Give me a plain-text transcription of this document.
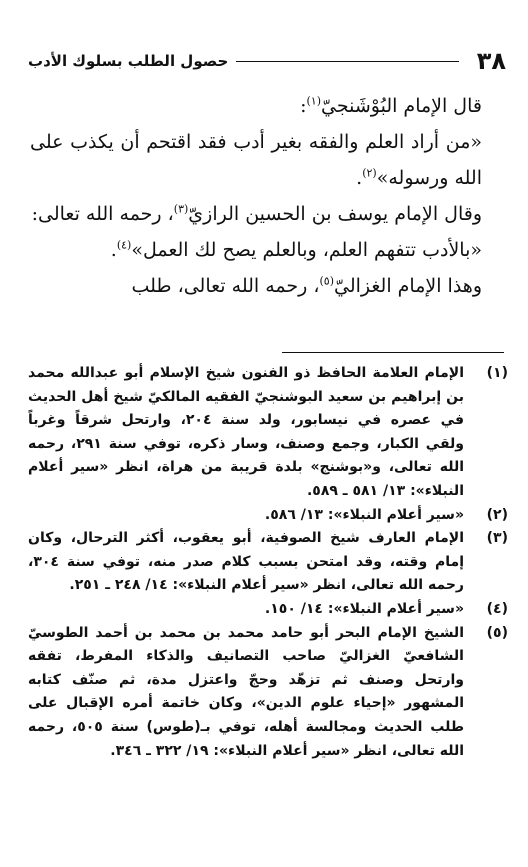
٣٨
حصول الطلب بسلوك الأدب

قال الإمام البُوْشَنجيّ$^{(١)}$:

«من أراد العلم والفقه بغير أدب فقد اقتحم أن يكذب على الله ورسوله»$^{(٢)}$.

وقال الإمام يوسف بن الحسين الرازيّ$^{(٣)}$، رحمه الله تعالى:

«بالأدب تتفهم العلم، وبالعلم يصح لك العمل»$^{(٤)}$.

وهذا الإمام الغزاليّ$^{(٥)}$، رحمه الله تعالى، طلب

(١)
الإمام العلامة الحافظ ذو الفنون شيخ الإسلام أبو عبدالله محمد بن إبراهيم بن سعيد البوشنجيّ الفقيه المالكيّ شيخ أهل الحديث في عصره في نيسابور، ولد سنة ٢٠٤، وارتحل شرقاً وغرباً ولقي الكبار، وجمع وصنف، وسار ذكره، توفي سنة ٢٩١، رحمه الله تعالى، و«بوشنج» بلدة قريبة من هراة، انظر «سير أعلام النبلاء»: ١٣/ ٥٨١ ـ ٥٨٩.
(٢)
«سير أعلام النبلاء»: ١٣/ ٥٨٦.
(٣)
الإمام العارف شيخ الصوفية، أبو يعقوب، أكثر الترحال، وكان إمام وقته، وقد امتحن بسبب كلام صدر منه، توفي سنة ٣٠٤، رحمه الله تعالى، انظر «سير أعلام النبلاء»: ١٤/ ٢٤٨ ـ ٢٥١.
(٤)
«سير أعلام النبلاء»: ١٤/ ١٥٠.
(٥)
الشيخ الإمام البحر أبو حامد محمد بن محمد بن أحمد الطوسيّ الشافعيّ الغزاليّ صاحب التصانيف والذكاء المفرط، تفقه وارتحل وصنف ثم تزهّد وحجّ واعتزل مدة، ثم صنّف كتابه المشهور «إحياء علوم الدين»، وكان خاتمة أمره الإقبال على طلب الحديث ومجالسة أهله، توفي بـ(طوس) سنة ٥٠٥، رحمه الله تعالى، انظر «سير أعلام النبلاء»: ١٩/ ٣٢٢ ـ ٣٤٦.
